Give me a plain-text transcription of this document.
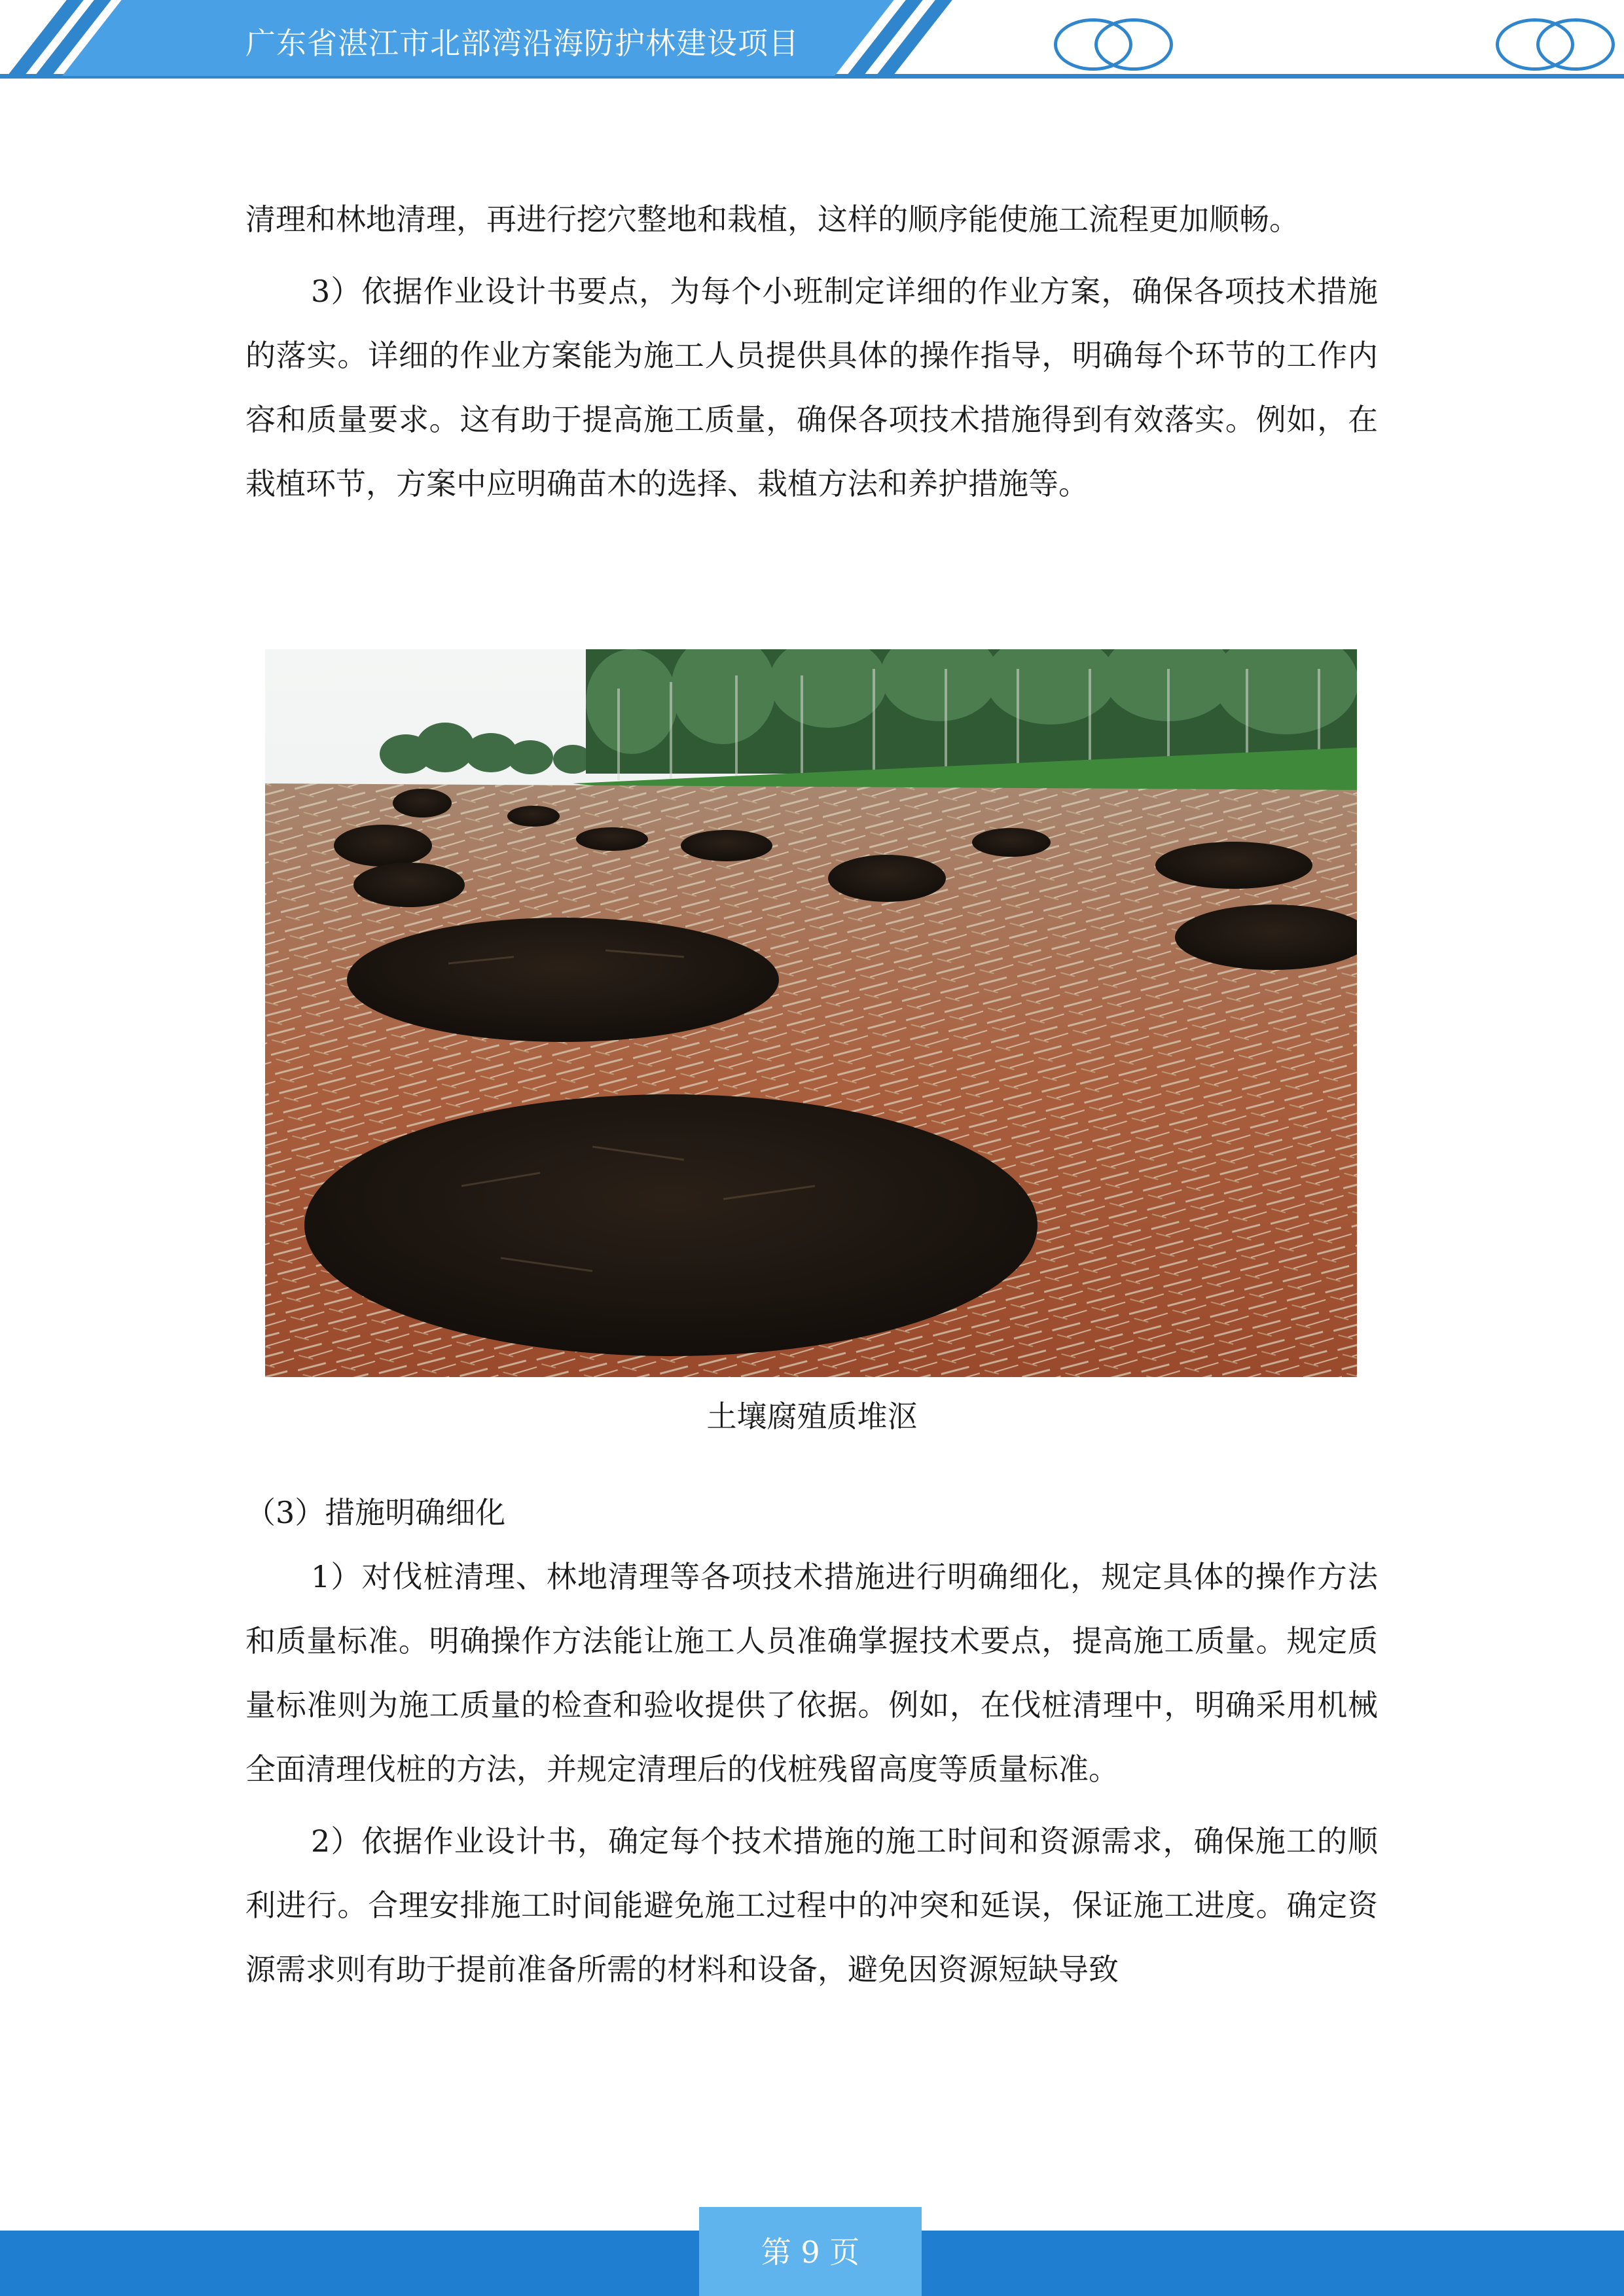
广东省湛江市北部湾沿海防护林建设项目

清理和林地清理，再进行挖穴整地和栽植，这样的顺序能使施工流程更加顺畅。

3）依据作业设计书要点，为每个小班制定详细的作业方案，确保各项技术措施的落实。详细的作业方案能为施工人员提供具体的操作指导，明确每个环节的工作内容和质量要求。这有助于提高施工质量，确保各项技术措施得到有效落实。例如，在栽植环节，方案中应明确苗木的选择、栽植方法和养护措施等。

土壤腐殖质堆沤

（3）措施明确细化

1）对伐桩清理、林地清理等各项技术措施进行明确细化，规定具体的操作方法和质量标准。明确操作方法能让施工人员准确掌握技术要点，提高施工质量。规定质量标准则为施工质量的检查和验收提供了依据。例如，在伐桩清理中，明确采用机械全面清理伐桩的方法，并规定清理后的伐桩残留高度等质量标准。

2）依据作业设计书，确定每个技术措施的施工时间和资源需求，确保施工的顺利进行。合理安排施工时间能避免施工过程中的冲突和延误，保证施工进度。确定资源需求则有助于提前准备所需的材料和设备，避免因资源短缺导致

第 9 页
